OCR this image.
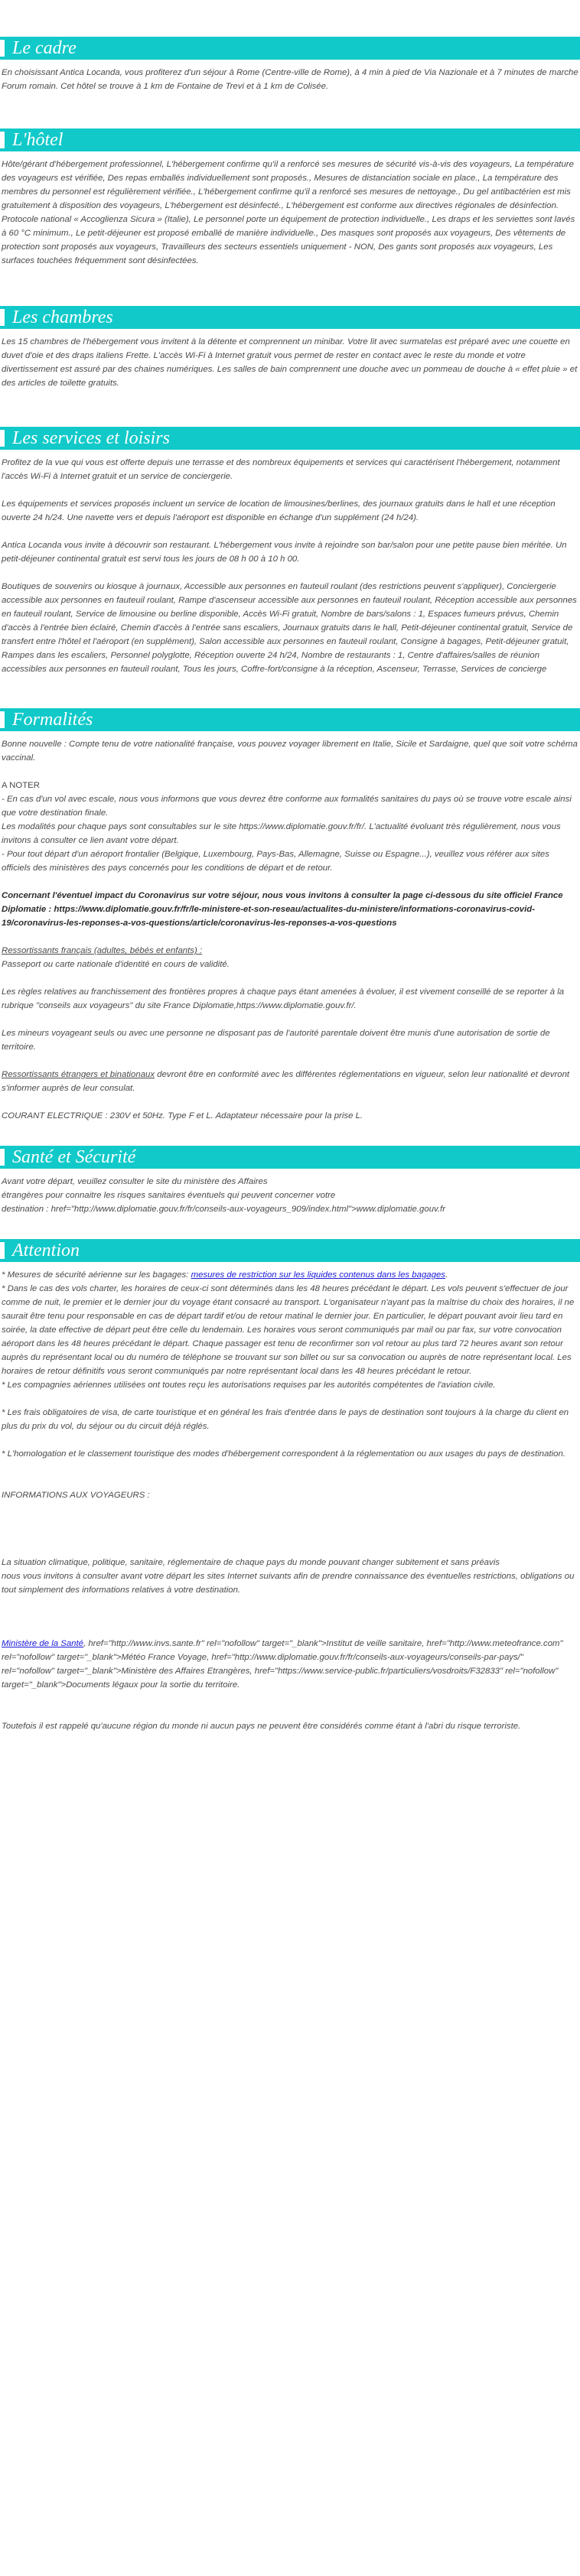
Le cadre

En choisissant Antica Locanda, vous profiterez d'un séjour à Rome (Centre-ville de Rome), à 4 min à pied de Via Nazionale et à 7 minutes de marche Forum romain. Cet hôtel se trouve à 1 km de Fontaine de Trevi et à 1 km de Colisée.

L'hôtel

Hôte/gérant d'hébergement professionnel, L'hébergement confirme qu'il a renforcé ses mesures de sécurité vis-à-vis des voyageurs, La température des voyageurs est vérifiée, Des repas emballés individuellement sont proposés., Mesures de distanciation sociale en place., La température des membres du personnel est régulièrement vérifiée., L'hébergement confirme qu'il a renforcé ses mesures de nettoyage., Du gel antibactérien est mis gratuitement à disposition des voyageurs, L'hébergement est désinfecté., L'hébergement est conforme aux directives régionales de désinfection. Protocole national « Accoglienza Sicura » (Italie), Le personnel porte un équipement de protection individuelle., Les draps et les serviettes sont lavés à 60 °C minimum., Le petit-déjeuner est proposé emballé de manière individuelle., Des masques sont proposés aux voyageurs, Des vêtements de protection sont proposés aux voyageurs, Travailleurs des secteurs essentiels uniquement - NON, Des gants sont proposés aux voyageurs, Les surfaces touchées fréquemment sont désinfectées.

Les chambres

Les 15 chambres de l'hébergement vous invitent à la détente et comprennent un minibar. Votre lit avec surmatelas est préparé avec une couette en duvet d'oie et des draps italiens Frette. L'accès Wi-Fi à Internet gratuit vous permet de rester en contact avec le reste du monde et votre divertissement est assuré par des chaines numériques. Les salles de bain comprennent une douche avec un pommeau de douche à « effet pluie » et des articles de toilette gratuits.

Les services et loisirs

Profitez de la vue qui vous est offerte depuis une terrasse et des nombreux équipements et services qui caractérisent l'hébergement, notamment l'accès Wi-Fi à Internet gratuit et un service de conciergerie.

Les équipements et services proposés incluent un service de location de limousines/berlines, des journaux gratuits dans le hall et une réception ouverte 24 h/24. Une navette vers et depuis l'aéroport est disponible en échange d'un supplément (24 h/24).

Antica Locanda vous invite à découvrir son restaurant. L'hébergement vous invite à rejoindre son bar/salon pour une petite pause bien méritée. Un petit-déjeuner continental gratuit est servi tous les jours de 08 h 00 à 10 h 00.

Boutiques de souvenirs ou kiosque à journaux, Accessible aux personnes en fauteuil roulant (des restrictions peuvent s'appliquer), Conciergerie accessible aux personnes en fauteuil roulant, Rampe d'ascenseur accessible aux personnes en fauteuil roulant, Réception accessible aux personnes en fauteuil roulant, Service de limousine ou berline disponible, Accès Wi-Fi gratuit, Nombre de bars/salons : 1, Espaces fumeurs prévus, Chemin d'accès à l'entrée bien éclairé, Chemin d'accès à l'entrée sans escaliers, Journaux gratuits dans le hall, Petit-déjeuner continental gratuit, Service de transfert entre l'hôtel et l'aéroport (en supplément), Salon accessible aux personnes en fauteuil roulant, Consigne à bagages, Petit-déjeuner gratuit, Rampes dans les escaliers, Personnel polyglotte, Réception ouverte 24 h/24, Nombre de restaurants : 1, Centre d'affaires/salles de réunion accessibles aux personnes en fauteuil roulant, Tous les jours, Coffre-fort/consigne à la réception, Ascenseur, Terrasse, Services de concierge

Formalités

Bonne nouvelle : Compte tenu de votre nationalité française, vous pouvez voyager librement en Italie, Sicile et Sardaigne, quel que soit votre schéma vaccinal.

A NOTER

- En cas d'un vol avec escale, nous vous informons que vous devrez être conforme aux formalités sanitaires du pays où se trouve votre escale ainsi que votre destination finale.

Les modalités pour chaque pays sont consultables sur le site https://www.diplomatie.gouv.fr/fr/. L'actualité évoluant très régulièrement, nous vous invitons à consulter ce lien avant votre départ.

- Pour tout départ d'un aéroport frontalier (Belgique, Luxembourg, Pays-Bas, Allemagne, Suisse ou Espagne...), veuillez vous référer aux sites officiels des ministères des pays concernés pour les conditions de départ et de retour.

Concernant l'éventuel impact du Coronavirus sur votre séjour, nous vous invitons à consulter la page ci-dessous du site officiel France Diplomatie : https://www.diplomatie.gouv.fr/fr/le-ministere-et-son-reseau/actualites-du-ministere/informations-coronavirus-covid-19/coronavirus-les-reponses-a-vos-questions/article/coronavirus-les-reponses-a-vos-questions

Ressortissants français (adultes, bébés et enfants) :

Passeport ou carte nationale d'identité en cours de validité.

Les règles relatives au franchissement des frontières propres à chaque pays étant amenées à évoluer, il est vivement conseillé de se reporter à la rubrique "conseils aux voyageurs" du site France Diplomatie,https://www.diplomatie.gouv.fr/.

Les mineurs voyageant seuls ou avec une personne ne disposant pas de l'autorité parentale doivent être munis d'une autorisation de sortie de territoire.

Ressortissants étrangers et binationaux devront être en conformité avec les différentes réglementations en vigueur, selon leur nationalité et devront s'informer auprès de leur consulat.

COURANT ELECTRIQUE : 230V et 50Hz. Type F et L. Adaptateur nécessaire pour la prise L.

Santé et Sécurité

Avant votre départ, veuillez consulter le site du ministère des Affaires

étrangères pour connaitre les risques sanitaires éventuels qui peuvent concerner votre

destination : href="http://www.diplomatie.gouv.fr/fr/conseils-aux-voyageurs_909/index.html">www.diplomatie.gouv.fr

Attention

* Mesures de sécurité aérienne sur les bagages: mesures de restriction sur les liquides contenus dans les bagages.

* Dans le cas des vols charter, les horaires de ceux-ci sont déterminés dans les 48 heures précédant le départ. Les vols peuvent s'effectuer de jour comme de nuit, le premier et le dernier jour du voyage étant consacré au transport. L'organisateur n'ayant pas la maîtrise du choix des horaires, il ne saurait être tenu pour responsable en cas de départ tardif et/ou de retour matinal le dernier jour. En particulier, le départ pouvant avoir lieu tard en soirée, la date effective de départ peut être celle du lendemain. Les horaires vous seront communiqués par mail ou par fax, sur votre convocation aéroport dans les 48 heures précédant le départ. Chaque passager est tenu de reconfirmer son vol retour au plus tard 72 heures avant son retour auprès du représentant local ou du numéro de téléphone se trouvant sur son billet ou sur sa convocation ou auprès de notre représentant local. Les horaires de retour définitifs vous seront communiqués par notre représentant local dans les 48 heures précédant le retour.

* Les compagnies aériennes utilisées ont toutes reçu les autorisations requises par les autorités compétentes de l'aviation civile.

* Les frais obligatoires de visa, de carte touristique et en général les frais d'entrée dans le pays de destination sont toujours à la charge du client en plus du prix du vol, du séjour ou du circuit déjà réglés.

* L'homologation et le classement touristique des modes d'hébergement correspondent à la réglementation ou aux usages du pays de destination.

INFORMATIONS AUX VOYAGEURS :

La situation climatique, politique, sanitaire, réglementaire de chaque pays du monde pouvant changer subitement et sans préavis

nous vous invitons à consulter avant votre départ les sites Internet suivants afin de prendre connaissance des éventuelles restrictions, obligations ou tout simplement des informations relatives à votre destination.

Ministère de la Santé, href="http://www.invs.sante.fr" rel="nofollow" target="_blank">Institut de veille sanitaire, href="http://www.meteofrance.com" rel="nofollow" target="_blank">Météo France Voyage, href="http://www.diplomatie.gouv.fr/fr/conseils-aux-voyageurs/conseils-par-pays/" rel="nofollow" target="_blank">Ministère des Affaires Etrangères, href="https://www.service-public.fr/particuliers/vosdroits/F32833" rel="nofollow" target="_blank">Documents légaux pour la sortie du territoire.

Toutefois il est rappelé qu'aucune région du monde ni aucun pays ne peuvent être considérés comme étant à l'abri du risque terroriste.
